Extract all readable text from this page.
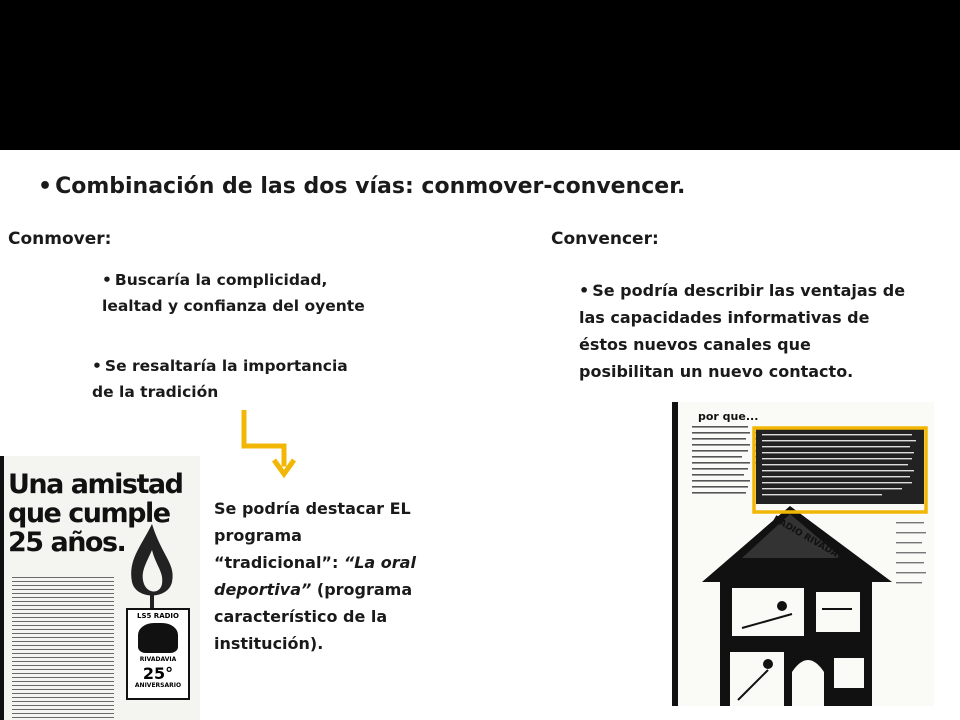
• Combinación de las dos vías: conmover-convencer.
Conmover:
• Buscaría la complicidad,
lealtad y confianza del oyente
• Se resaltaría la importancia
de la tradición
Se podría destacar EL
programa
“tradicional”: “La oral
deportiva” (programa
característico de la
institución).
Una amistad
que cumple
25 años.
LS5 RADIO
RIVADAVIA
25°
ANIVERSARIO
Convencer:
• Se podría describir las ventajas de
las capacidades informativas de
éstos nuevos canales que
posibilitan un nuevo contacto.
por que...
RADIO RIVADAVIA
